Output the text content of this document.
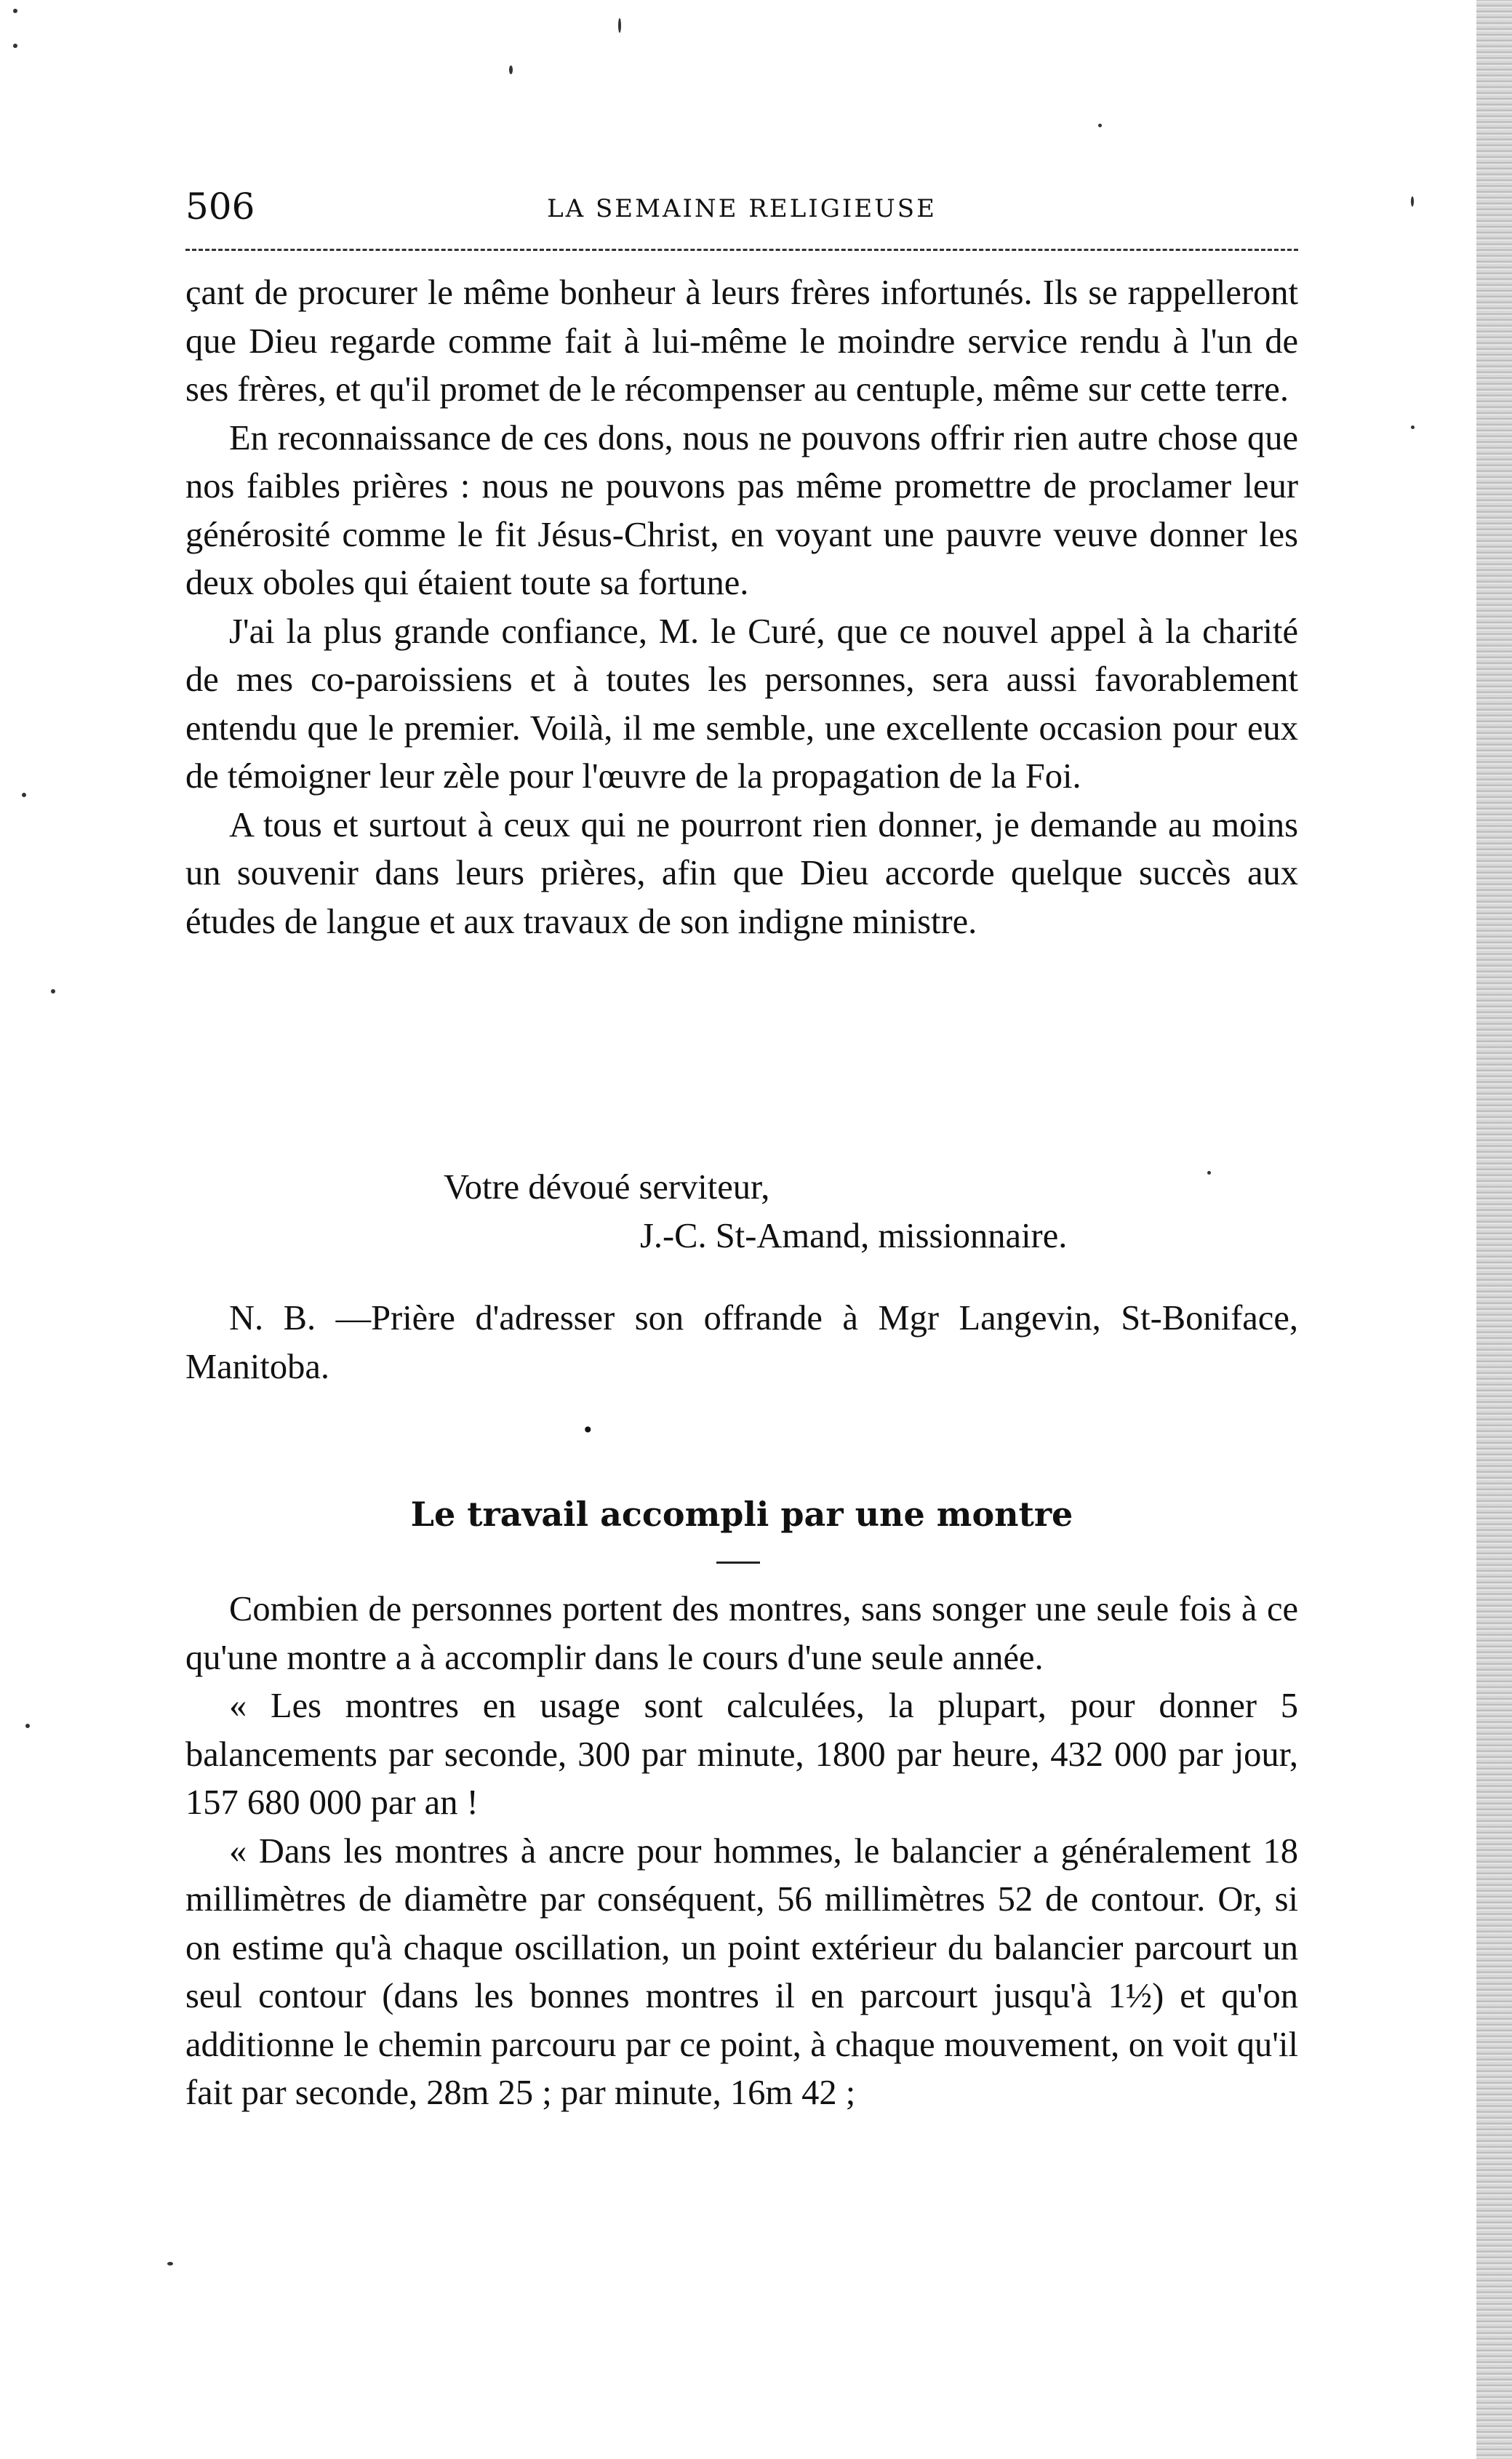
506	LA SEMAINE RELIGIEUSE

çant de procurer le même bonheur à leurs frères infortunés. Ils se rappelleront que Dieu regarde comme fait à lui-même le moindre service rendu à l'un de ses frères, et qu'il promet de le récompenser au centuple, même sur cette terre.

En reconnaissance de ces dons, nous ne pouvons offrir rien autre chose que nos faibles prières : nous ne pouvons pas même promettre de proclamer leur générosité comme le fit Jésus-Christ, en voyant une pauvre veuve donner les deux oboles qui étaient toute sa fortune.

J'ai la plus grande confiance, M. le Curé, que ce nouvel appel à la charité de mes co-paroissiens et à toutes les personnes, sera aussi favorablement entendu que le premier. Voilà, il me semble, une excellente occasion pour eux de témoigner leur zèle pour l'œuvre de la propagation de la Foi.

A tous et surtout à ceux qui ne pourront rien donner, je demande au moins un souvenir dans leurs prières, afin que Dieu accorde quelque succès aux études de langue et aux travaux de son indigne ministre.

Votre dévoué serviteur,
J.-C. St-Amand, missionnaire.

N. B. —Prière d'adresser son offrande à Mgr Langevin, St-Boniface, Manitoba.

•
Le travail accompli par une montre

Combien de personnes portent des montres, sans songer une seule fois à ce qu'une montre a à accomplir dans le cours d'une seule année.

« Les montres en usage sont calculées, la plupart, pour donner 5 balancements par seconde, 300 par minute, 1800 par heure, 432 000 par jour, 157 680 000 par an !

« Dans les montres à ancre pour hommes, le balancier a généralement 18 millimètres de diamètre par conséquent, 56 millimètres 52 de contour. Or, si on estime qu'à chaque oscillation, un point extérieur du balancier parcourt un seul contour (dans les bonnes montres il en parcourt jusqu'à 1½) et qu'on additionne le chemin parcouru par ce point, à chaque mouvement, on voit qu'il fait par seconde, 28m 25 ; par minute, 16m 42 ;
